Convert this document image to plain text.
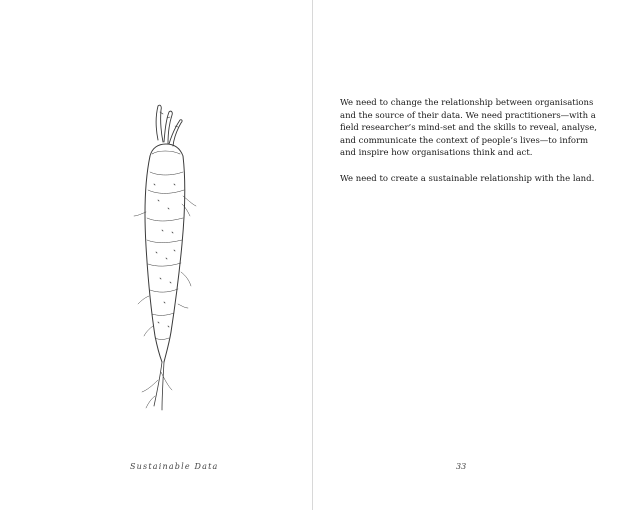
Sustainable Data
We need to change the relationship between organisations
and the source of their data. We need practitioners—with a
field researcher’s mind-set and the skills to reveal, analyse,
and communicate the context of people’s lives—to inform
and inspire how organisations think and act.
We need to create a sustainable relationship with the land.
33
